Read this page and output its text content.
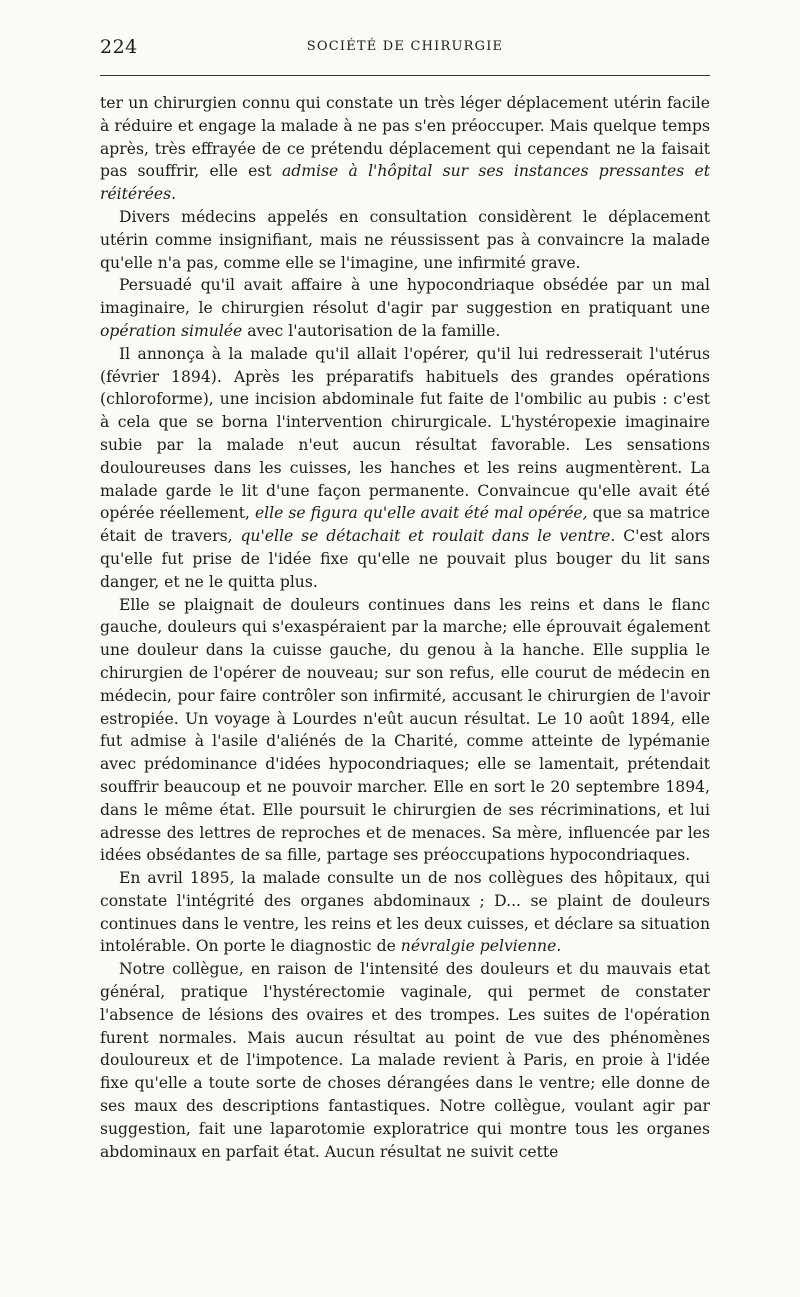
224	SOCIÉTÉ DE CHIRURGIE

ter un chirurgien connu qui constate un très léger déplacement utérin facile à réduire et engage la malade à ne pas s'en préoccuper. Mais quelque temps après, très effrayée de ce prétendu déplacement qui cependant ne la faisait pas souffrir, elle est admise à l'hôpital sur ses instances pressantes et réitérées.

Divers médecins appelés en consultation considèrent le déplacement utérin comme insignifiant, mais ne réussissent pas à convaincre la malade qu'elle n'a pas, comme elle se l'imagine, une infirmité grave.

Persuadé qu'il avait affaire à une hypocondriaque obsédée par un mal imaginaire, le chirurgien résolut d'agir par suggestion en pratiquant une opération simulée avec l'autorisation de la famille.

Il annonça à la malade qu'il allait l'opérer, qu'il lui redresserait l'utérus (février 1894). Après les préparatifs habituels des grandes opérations (chloroforme), une incision abdominale fut faite de l'ombilic au pubis : c'est à cela que se borna l'intervention chirurgicale. L'hystéropexie imaginaire subie par la malade n'eut aucun résultat favorable. Les sensations douloureuses dans les cuisses, les hanches et les reins augmentèrent. La malade garde le lit d'une façon permanente. Convaincue qu'elle avait été opérée réellement, elle se figura qu'elle avait été mal opérée, que sa matrice était de travers, qu'elle se détachait et roulait dans le ventre. C'est alors qu'elle fut prise de l'idée fixe qu'elle ne pouvait plus bouger du lit sans danger, et ne le quitta plus.

Elle se plaignait de douleurs continues dans les reins et dans le flanc gauche, douleurs qui s'exaspéraient par la marche; elle éprouvait également une douleur dans la cuisse gauche, du genou à la hanche. Elle supplia le chirurgien de l'opérer de nouveau; sur son refus, elle courut de médecin en médecin, pour faire contrôler son infirmité, accusant le chirurgien de l'avoir estropiée. Un voyage à Lourdes n'eût aucun résultat. Le 10 août 1894, elle fut admise à l'asile d'aliénés de la Charité, comme atteinte de lypémanie avec prédominance d'idées hypocondriaques; elle se lamentait, prétendait souffrir beaucoup et ne pouvoir marcher. Elle en sort le 20 septembre 1894, dans le même état. Elle poursuit le chirurgien de ses récriminations, et lui adresse des lettres de reproches et de menaces. Sa mère, influencée par les idées obsédantes de sa fille, partage ses préoccupations hypocondriaques.

En avril 1895, la malade consulte un de nos collègues des hôpitaux, qui constate l'intégrité des organes abdominaux ; D... se plaint de douleurs continues dans le ventre, les reins et les deux cuisses, et déclare sa situation intolérable. On porte le diagnostic de névralgie pelvienne.

Notre collègue, en raison de l'intensité des douleurs et du mauvais etat général, pratique l'hystérectomie vaginale, qui permet de constater l'absence de lésions des ovaires et des trompes. Les suites de l'opération furent normales. Mais aucun résultat au point de vue des phénomènes douloureux et de l'impotence. La malade revient à Paris, en proie à l'idée fixe qu'elle a toute sorte de choses dérangées dans le ventre; elle donne de ses maux des descriptions fantastiques. Notre collègue, voulant agir par suggestion, fait une laparotomie exploratrice qui montre tous les organes abdominaux en parfait état. Aucun résultat ne suivit cette
